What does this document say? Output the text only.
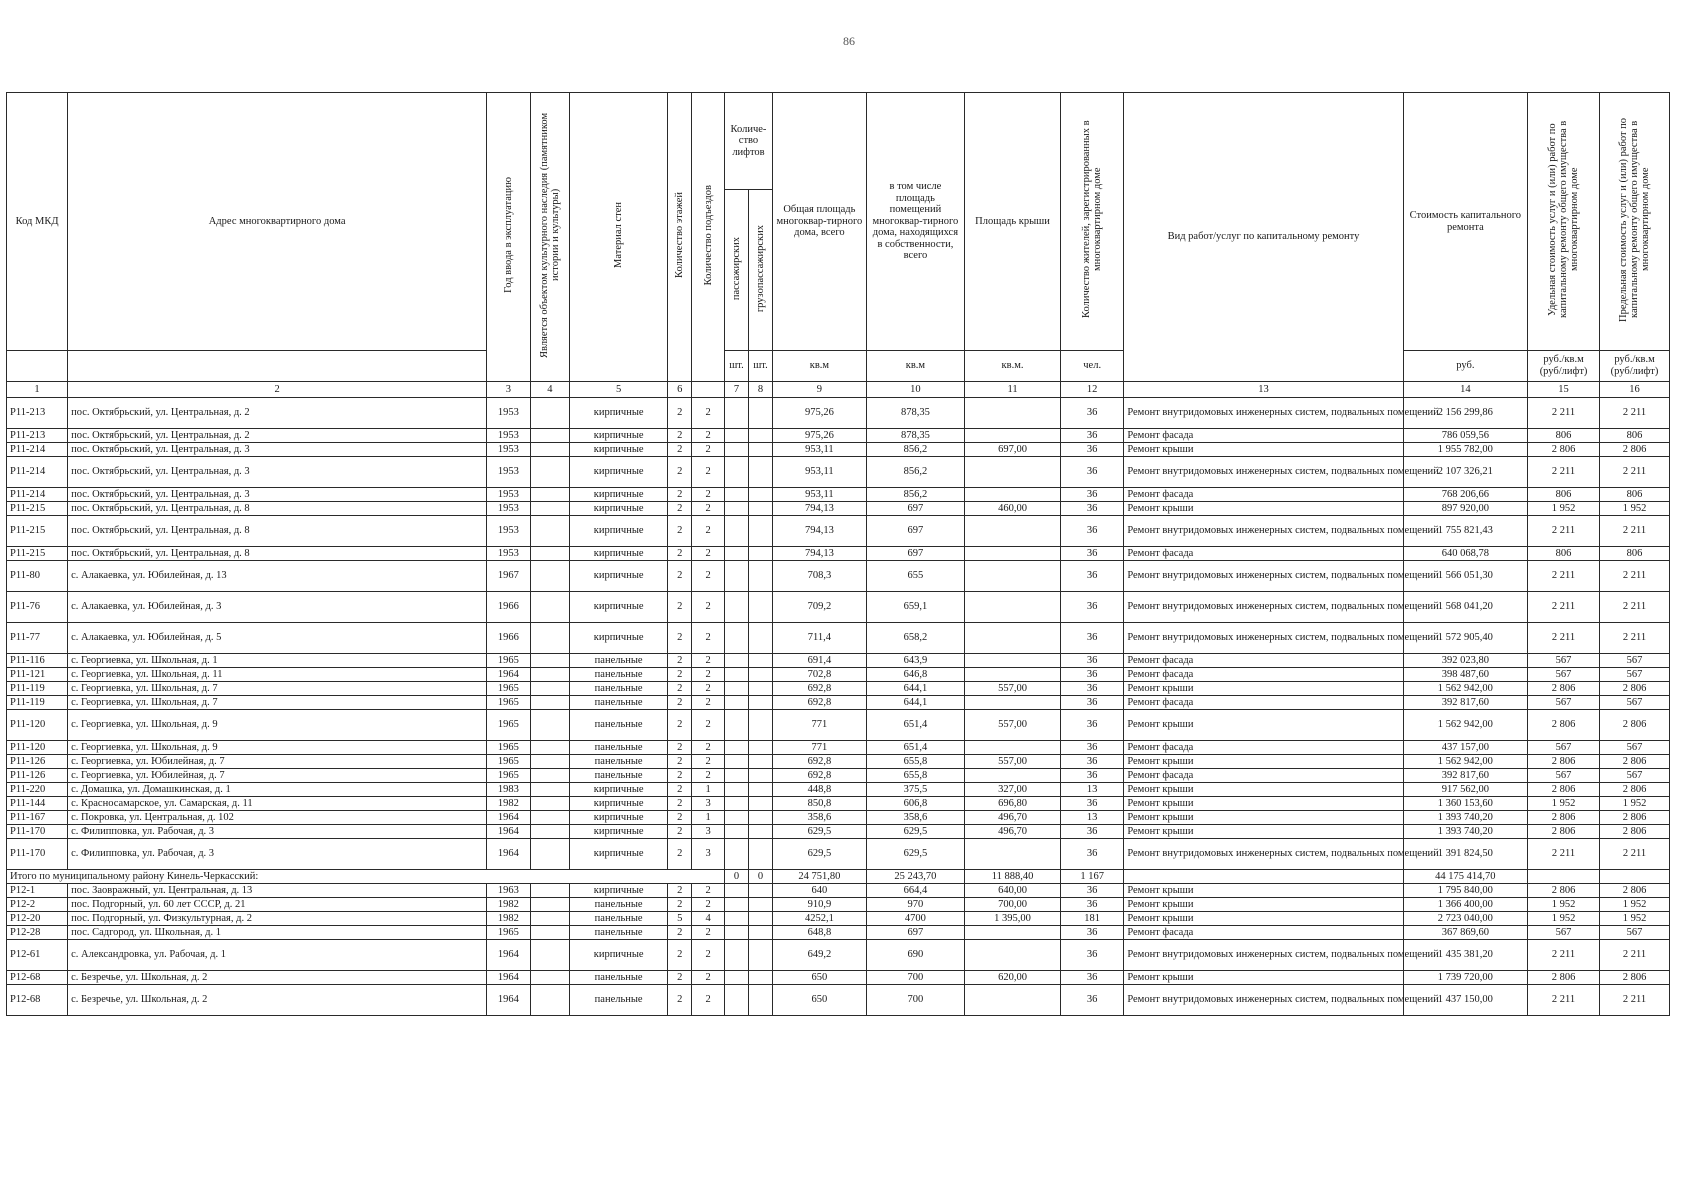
86
Код МКД	Адрес многоквартирного дома	Год ввода в эксплуатацию	Является объектом культурного наследия (памятником истории и культуры)	Материал стен	Количество этажей	Количество подъездов	Количе-ство лифтов		Общая площадь многоквар-тирного дома, всего	в том числе площадь помещений многоквар-тирного дома, находящихся в собственности, всего	Площадь крыши	Количество жителей, зарегистрированных в многоквартирном доме	Вид работ/услуг по капитальному ремонту	Стоимость капитального ремонта	Удельная стоимость услуг и (или) работ по капитальному ремонту общего имущества в многоквартирном доме	Предельная стоимость услуг и (или) работ по капитальному ремонту общего имущества в многоквартирном доме
							пассажирских	грузопассажирских								
							шт.	шт.	кв.м	кв.м	кв.м.	чел.		руб.	руб./кв.м (руб/лифт)	руб./кв.м (руб/лифт)
1	2	3	4	5	6		7	8	9	10	11	12	13	14	15	16
Р11-213	пос. Октябрьский, ул. Центральная, д. 2	1953		кирпичные	2	2			975,26	878,35		36	Ремонт внутридомовых инженерных систем, подвальных помещений	2 156 299,86	2 211	2 211
Р11-213	пос. Октябрьский, ул. Центральная, д. 2	1953		кирпичные	2	2			975,26	878,35		36	Ремонт фасада	786 059,56	806	806
Р11-214	пос. Октябрьский, ул. Центральная, д. 3	1953		кирпичные	2	2			953,11	856,2	697,00	36	Ремонт крыши	1 955 782,00	2 806	2 806
Р11-214	пос. Октябрьский, ул. Центральная, д. 3	1953		кирпичные	2	2			953,11	856,2		36	Ремонт внутридомовых инженерных систем, подвальных помещений	2 107 326,21	2 211	2 211
Р11-214	пос. Октябрьский, ул. Центральная, д. 3	1953		кирпичные	2	2			953,11	856,2		36	Ремонт фасада	768 206,66	806	806
Р11-215	пос. Октябрьский, ул. Центральная, д. 8	1953		кирпичные	2	2			794,13	697	460,00	36	Ремонт крыши	897 920,00	1 952	1 952
Р11-215	пос. Октябрьский, ул. Центральная, д. 8	1953		кирпичные	2	2			794,13	697		36	Ремонт внутридомовых инженерных систем, подвальных помещений	1 755 821,43	2 211	2 211
Р11-215	пос. Октябрьский, ул. Центральная, д. 8	1953		кирпичные	2	2			794,13	697		36	Ремонт фасада	640 068,78	806	806
Р11-80	с. Алакаевка, ул. Юбилейная, д. 13	1967		кирпичные	2	2			708,3	655		36	Ремонт внутридомовых инженерных систем, подвальных помещений	1 566 051,30	2 211	2 211
Р11-76	с. Алакаевка, ул. Юбилейная, д. 3	1966		кирпичные	2	2			709,2	659,1		36	Ремонт внутридомовых инженерных систем, подвальных помещений	1 568 041,20	2 211	2 211
Р11-77	с. Алакаевка, ул. Юбилейная, д. 5	1966		кирпичные	2	2			711,4	658,2		36	Ремонт внутридомовых инженерных систем, подвальных помещений	1 572 905,40	2 211	2 211
Р11-116	с. Георгиевка, ул. Школьная, д. 1	1965		панельные	2	2			691,4	643,9		36	Ремонт фасада	392 023,80	567	567
Р11-121	с. Георгиевка, ул. Школьная, д. 11	1964		панельные	2	2			702,8	646,8		36	Ремонт фасада	398 487,60	567	567
Р11-119	с. Георгиевка, ул. Школьная, д. 7	1965		панельные	2	2			692,8	644,1	557,00	36	Ремонт крыши	1 562 942,00	2 806	2 806
Р11-119	с. Георгиевка, ул. Школьная, д. 7	1965		панельные	2	2			692,8	644,1		36	Ремонт фасада	392 817,60	567	567
Р11-120	с. Георгиевка, ул. Школьная, д. 9	1965		панельные	2	2			771	651,4	557,00	36	Ремонт крыши	1 562 942,00	2 806	2 806
Р11-120	с. Георгиевка, ул. Школьная, д. 9	1965		панельные	2	2			771	651,4		36	Ремонт фасада	437 157,00	567	567
Р11-126	с. Георгиевка, ул. Юбилейная, д. 7	1965		панельные	2	2			692,8	655,8	557,00	36	Ремонт крыши	1 562 942,00	2 806	2 806
Р11-126	с. Георгиевка, ул. Юбилейная, д. 7	1965		панельные	2	2			692,8	655,8		36	Ремонт фасада	392 817,60	567	567
Р11-220	с. Домашка, ул. Домашкинская, д. 1	1983		кирпичные	2	1			448,8	375,5	327,00	13	Ремонт крыши	917 562,00	2 806	2 806
Р11-144	с. Красносамарское, ул. Самарская, д. 11	1982		кирпичные	2	3			850,8	606,8	696,80	36	Ремонт крыши	1 360 153,60	1 952	1 952
Р11-167	с. Покровка, ул. Центральная, д. 102	1964		кирпичные	2	1			358,6	358,6	496,70	13	Ремонт крыши	1 393 740,20	2 806	2 806
Р11-170	с. Филипповка, ул. Рабочая, д. 3	1964		кирпичные	2	3			629,5	629,5	496,70	36	Ремонт крыши	1 393 740,20	2 806	2 806
Р11-170	с. Филипповка, ул. Рабочая, д. 3	1964		кирпичные	2	3			629,5	629,5		36	Ремонт внутридомовых инженерных систем, подвальных помещений	1 391 824,50	2 211	2 211
Итого по муниципальному району Кинель-Черкасский:							0	0	24 751,80	25 243,70	11 888,40	1 167		44 175 414,70		
Р12-1	пос. Заовражный, ул. Центральная, д. 13	1963		кирпичные	2	2			640	664,4	640,00	36	Ремонт крыши	1 795 840,00	2 806	2 806
Р12-2	пос. Подгорный, ул. 60 лет СССР, д. 21	1982		панельные	2	2			910,9	970	700,00	36	Ремонт крыши	1 366 400,00	1 952	1 952
Р12-20	пос. Подгорный, ул. Физкультурная, д. 2	1982		панельные	5	4			4252,1	4700	1 395,00	181	Ремонт крыши	2 723 040,00	1 952	1 952
Р12-28	пос. Садгород, ул. Школьная, д. 1	1965		панельные	2	2			648,8	697		36	Ремонт фасада	367 869,60	567	567
Р12-61	с. Александровка, ул. Рабочая, д. 1	1964		кирпичные	2	2			649,2	690		36	Ремонт внутридомовых инженерных систем, подвальных помещений	1 435 381,20	2 211	2 211
Р12-68	с. Безречье, ул. Школьная, д. 2	1964		панельные	2	2			650	700	620,00	36	Ремонт крыши	1 739 720,00	2 806	2 806
Р12-68	с. Безречье, ул. Школьная, д. 2	1964		панельные	2	2			650	700		36	Ремонт внутридомовых инженерных систем, подвальных помещений	1 437 150,00	2 211	2 211
